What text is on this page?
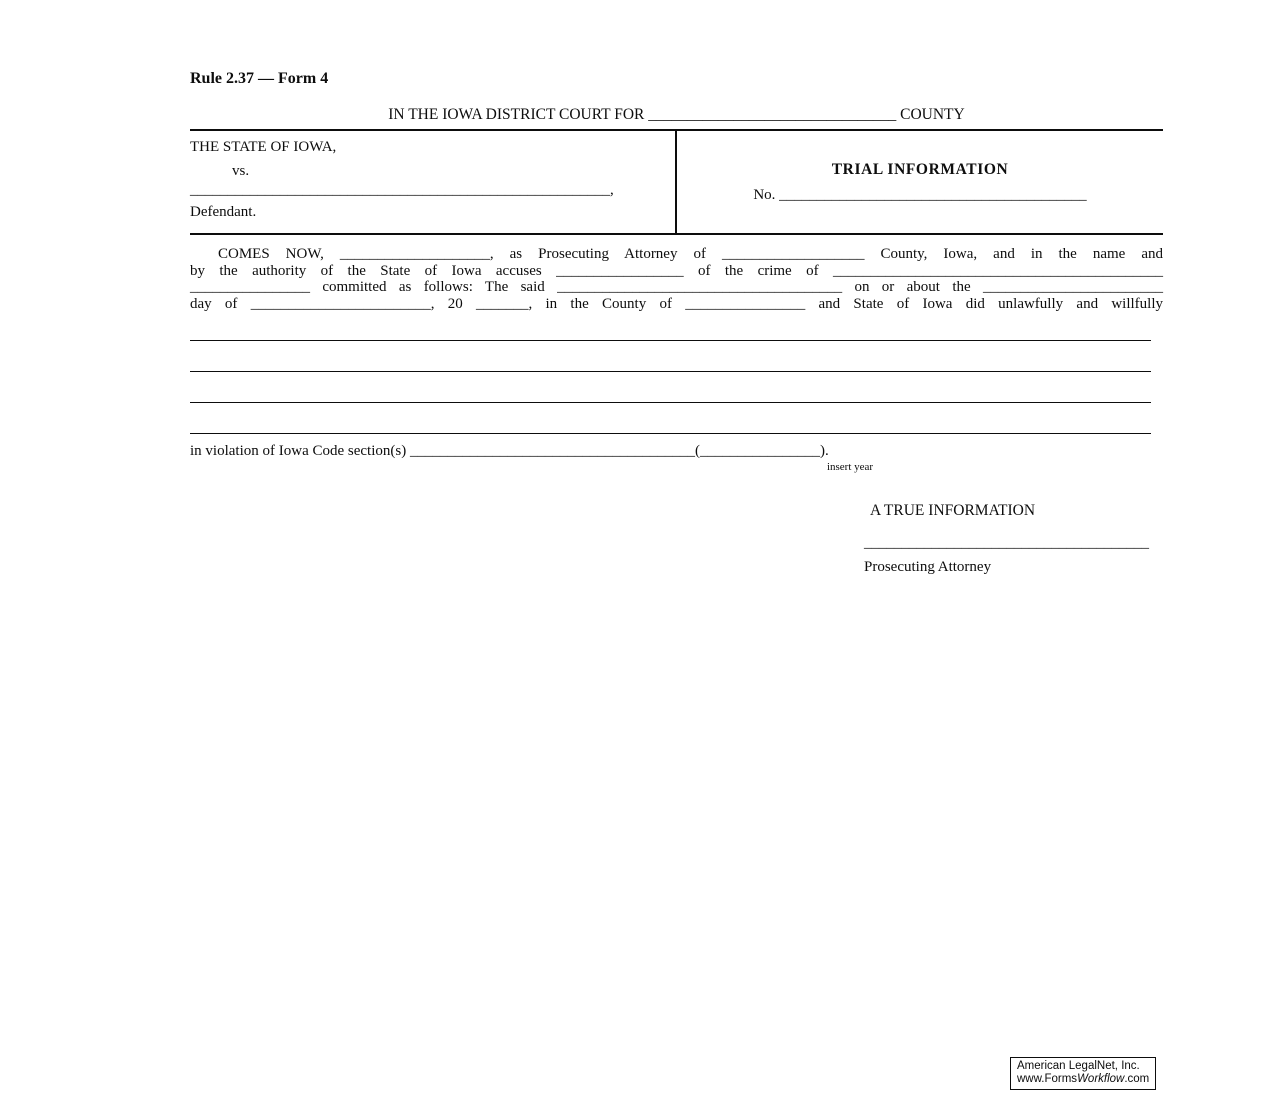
Rule 2.37 — Form 4
IN THE IOWA DISTRICT COURT FOR ________________________________ COUNTY
THE STATE OF IOWA,
vs.
________________________________________________________,
Defendant.
TRIAL INFORMATION
No. _________________________________________
COMES NOW, ____________________, as Prosecuting Attorney of ___________________ County, Iowa, and in the name and
by the authority of the State of Iowa accuses _________________ of the crime of ____________________________________________
________________ committed as follows: The said ______________________________________ on or about the ________________________
day of ________________________, 20 _______, in the County of ________________ and State of Iowa did unlawfully and willfully
in violation of Iowa Code section(s) ______________________________________(________________).
insert year
A TRUE INFORMATION
______________________________________
Prosecuting Attorney
American LegalNet, Inc.
www.FormsWorkflow.com
